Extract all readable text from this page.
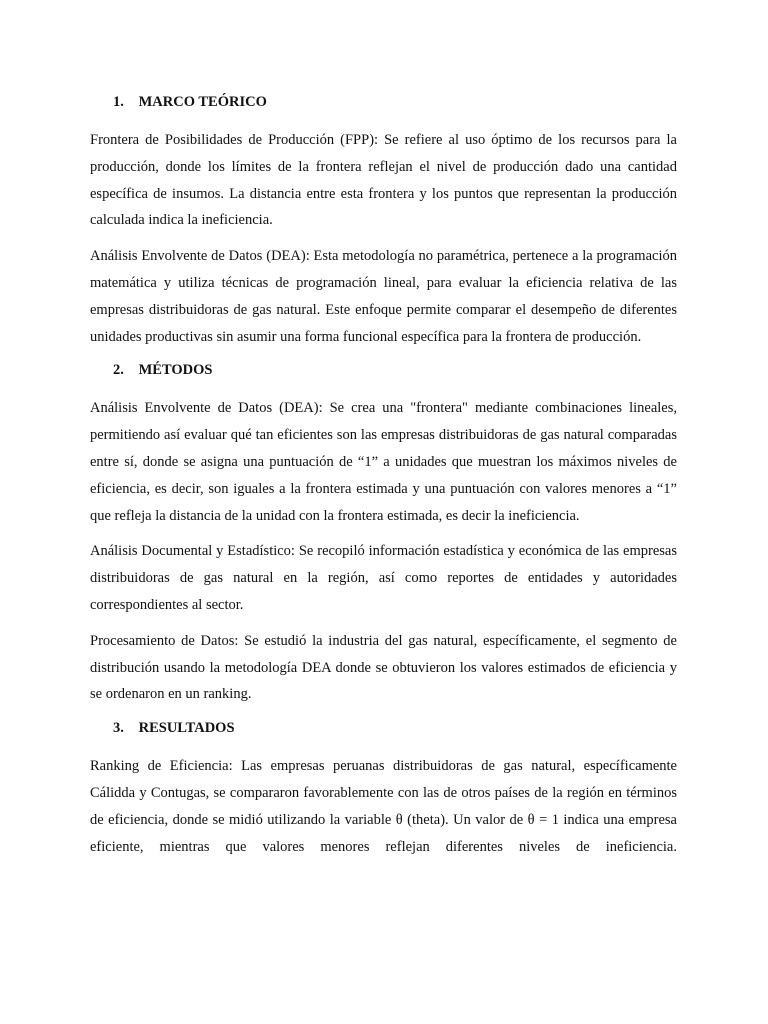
1. MARCO TEÓRICO

Frontera de Posibilidades de Producción (FPP): Se refiere al uso óptimo de los recursos para la producción, donde los límites de la frontera reflejan el nivel de producción dado una cantidad específica de insumos. La distancia entre esta frontera y los puntos que representan la producción calculada indica la ineficiencia.

Análisis Envolvente de Datos (DEA): Esta metodología no paramétrica, pertenece a la programación matemática y utiliza técnicas de programación lineal, para evaluar la eficiencia relativa de las empresas distribuidoras de gas natural. Este enfoque permite comparar el desempeño de diferentes unidades productivas sin asumir una forma funcional específica para la frontera de producción.

2. MÉTODOS

Análisis Envolvente de Datos (DEA): Se crea una "frontera" mediante combinaciones lineales, permitiendo así evaluar qué tan eficientes son las empresas distribuidoras de gas natural comparadas entre sí, donde se asigna una puntuación de “1” a unidades que muestran los máximos niveles de eficiencia, es decir, son iguales a la frontera estimada y una puntuación con valores menores a “1” que refleja la distancia de la unidad con la frontera estimada, es decir la ineficiencia.

Análisis Documental y Estadístico: Se recopiló información estadística y económica de las empresas distribuidoras de gas natural en la región, así como reportes de entidades y autoridades correspondientes al sector.

Procesamiento de Datos: Se estudió la industria del gas natural, específicamente, el segmento de distribución usando la metodología DEA donde se obtuvieron los valores estimados de eficiencia y se ordenaron en un ranking.

3. RESULTADOS

Ranking de Eficiencia: Las empresas peruanas distribuidoras de gas natural, específicamente Cálidda y Contugas, se compararon favorablemente con las de otros países de la región en términos de eficiencia, donde se midió utilizando la variable θ (theta). Un valor de θ = 1 indica una empresa eficiente, mientras que valores menores reflejan diferentes niveles de ineficiencia.
